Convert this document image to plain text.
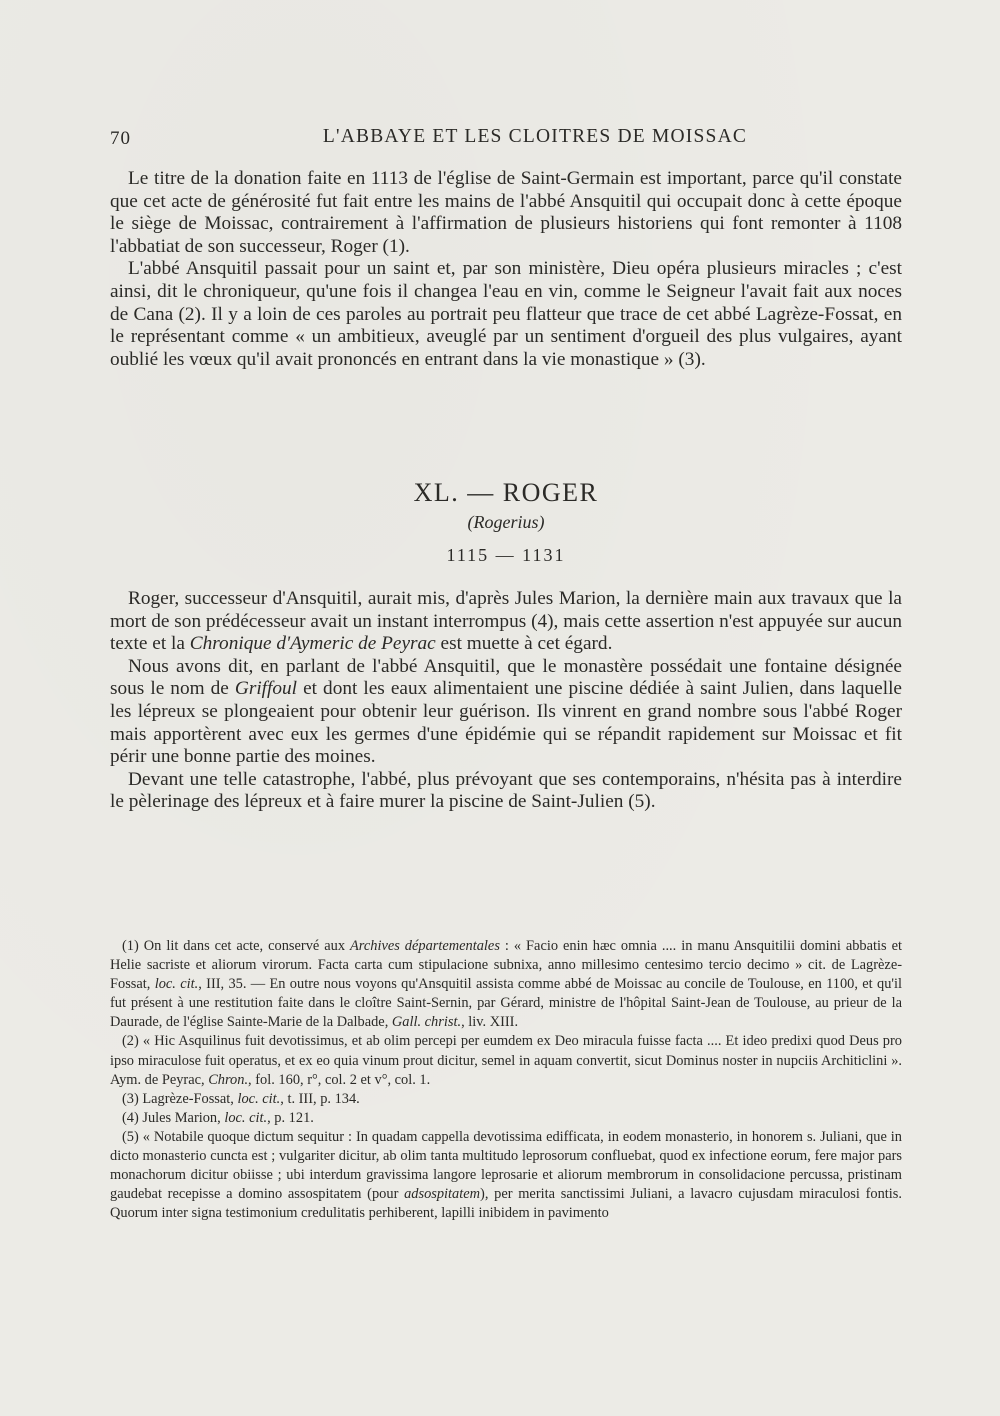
70	L'ABBAYE ET LES CLOITRES DE MOISSAC

Le titre de la donation faite en 1113 de l'église de Saint-Germain est important, parce qu'il constate que cet acte de générosité fut fait entre les mains de l'abbé Ansquitil qui occupait donc à cette époque le siège de Moissac, contrairement à l'affirmation de plusieurs historiens qui font remonter à 1108 l'abbatiat de son successeur, Roger (1).

L'abbé Ansquitil passait pour un saint et, par son ministère, Dieu opéra plusieurs miracles ; c'est ainsi, dit le chroniqueur, qu'une fois il changea l'eau en vin, comme le Seigneur l'avait fait aux noces de Cana (2). Il y a loin de ces paroles au portrait peu flatteur que trace de cet abbé Lagrèze-Fossat, en le représentant comme « un ambitieux, aveuglé par un sentiment d'orgueil des plus vulgaires, ayant oublié les vœux qu'il avait prononcés en entrant dans la vie monastique » (3).

XL. — ROGER
(Rogerius)
1115 — 1131

Roger, successeur d'Ansquitil, aurait mis, d'après Jules Marion, la dernière main aux travaux que la mort de son prédécesseur avait un instant interrompus (4), mais cette assertion n'est appuyée sur aucun texte et la Chronique d'Aymeric de Peyrac est muette à cet égard.

Nous avons dit, en parlant de l'abbé Ansquitil, que le monastère possédait une fontaine désignée sous le nom de Griffoul et dont les eaux alimentaient une piscine dédiée à saint Julien, dans laquelle les lépreux se plongeaient pour obtenir leur guérison. Ils vinrent en grand nombre sous l'abbé Roger mais apportèrent avec eux les germes d'une épidémie qui se répandit rapidement sur Moissac et fit périr une bonne partie des moines.

Devant une telle catastrophe, l'abbé, plus prévoyant que ses contemporains, n'hésita pas à interdire le pèlerinage des lépreux et à faire murer la piscine de Saint-Julien (5).

(1) On lit dans cet acte, conservé aux Archives départementales : « Facio enin hæc omnia .... in manu Ansquitilii domini abbatis et Helie sacriste et aliorum virorum. Facta carta cum stipulacione subnixa, anno millesimo centesimo tercio decimo » cit. de Lagrèze-Fossat, loc. cit., III, 35. — En outre nous voyons qu'Ansquitil assista comme abbé de Moissac au concile de Toulouse, en 1100, et qu'il fut présent à une restitution faite dans le cloître Saint-Sernin, par Gérard, ministre de l'hôpital Saint-Jean de Toulouse, au prieur de la Daurade, de l'église Sainte-Marie de la Dalbade, Gall. christ., liv. XIII.

(2) « Hic Asquilinus fuit devotissimus, et ab olim percepi per eumdem ex Deo miracula fuisse facta .... Et ideo predixi quod Deus pro ipso miraculose fuit operatus, et ex eo quia vinum prout dicitur, semel in aquam convertit, sicut Dominus noster in nupciis Architiclini ». Aym. de Peyrac, Chron., fol. 160, r°, col. 2 et v°, col. 1.

(3) Lagrèze-Fossat, loc. cit., t. III, p. 134.

(4) Jules Marion, loc. cit., p. 121.

(5) « Notabile quoque dictum sequitur : In quadam cappella devotissima edifficata, in eodem monasterio, in honorem s. Juliani, que in dicto monasterio cuncta est ; vulgariter dicitur, ab olim tanta multitudo leprosorum confluebat, quod ex infectione eorum, fere major pars monachorum dicitur obiisse ; ubi interdum gravissima langore leprosarie et aliorum membrorum in consolidacione percussa, pristinam gaudebat recepisse a domino assospitatem (pour adsospitatem), per merita sanctissimi Juliani, a lavacro cujusdam miraculosi fontis. Quorum inter signa testimonium credulitatis perhiberent, lapilli inibidem in pavimento
